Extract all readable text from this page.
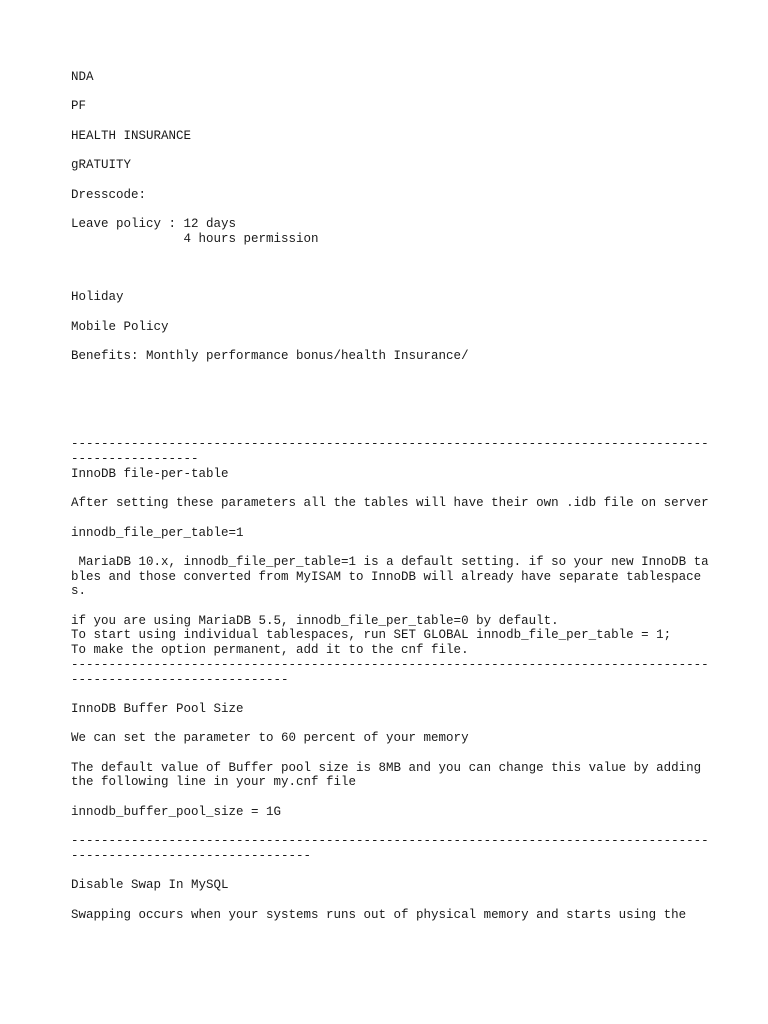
NDA

PF

HEALTH INSURANCE

gRATUITY

Dresscode:

Leave policy : 12 days

4 hours permission

Holiday

Mobile Policy

Benefits: Monthly performance bonus/health Insurance/

------------------------------------------------------------------------------------------------------

InnoDB file-per-table

After setting these parameters all the tables will have their own .idb file on server

innodb_file_per_table=1

MariaDB 10.x, innodb_file_per_table=1 is a default setting. if so your new InnoDB tables and those converted from MyISAM to InnoDB will already have separate tablespaces.

if you are using MariaDB 5.5, innodb_file_per_table=0 by default.

To start using individual tablespaces, run SET GLOBAL innodb_file_per_table = 1;

To make the option permanent, add it to the cnf file.

------------------------------------------------------------------------------------------------------------------

InnoDB Buffer Pool Size

We can set the parameter to 60 percent of your memory

The default value of Buffer pool size is 8MB and you can change this value by adding the following line in your my.cnf file

innodb_buffer_pool_size = 1G

---------------------------------------------------------------------------------------------------------------------

Disable Swap In MySQL

Swapping occurs when your systems runs out of physical memory and starts using the
